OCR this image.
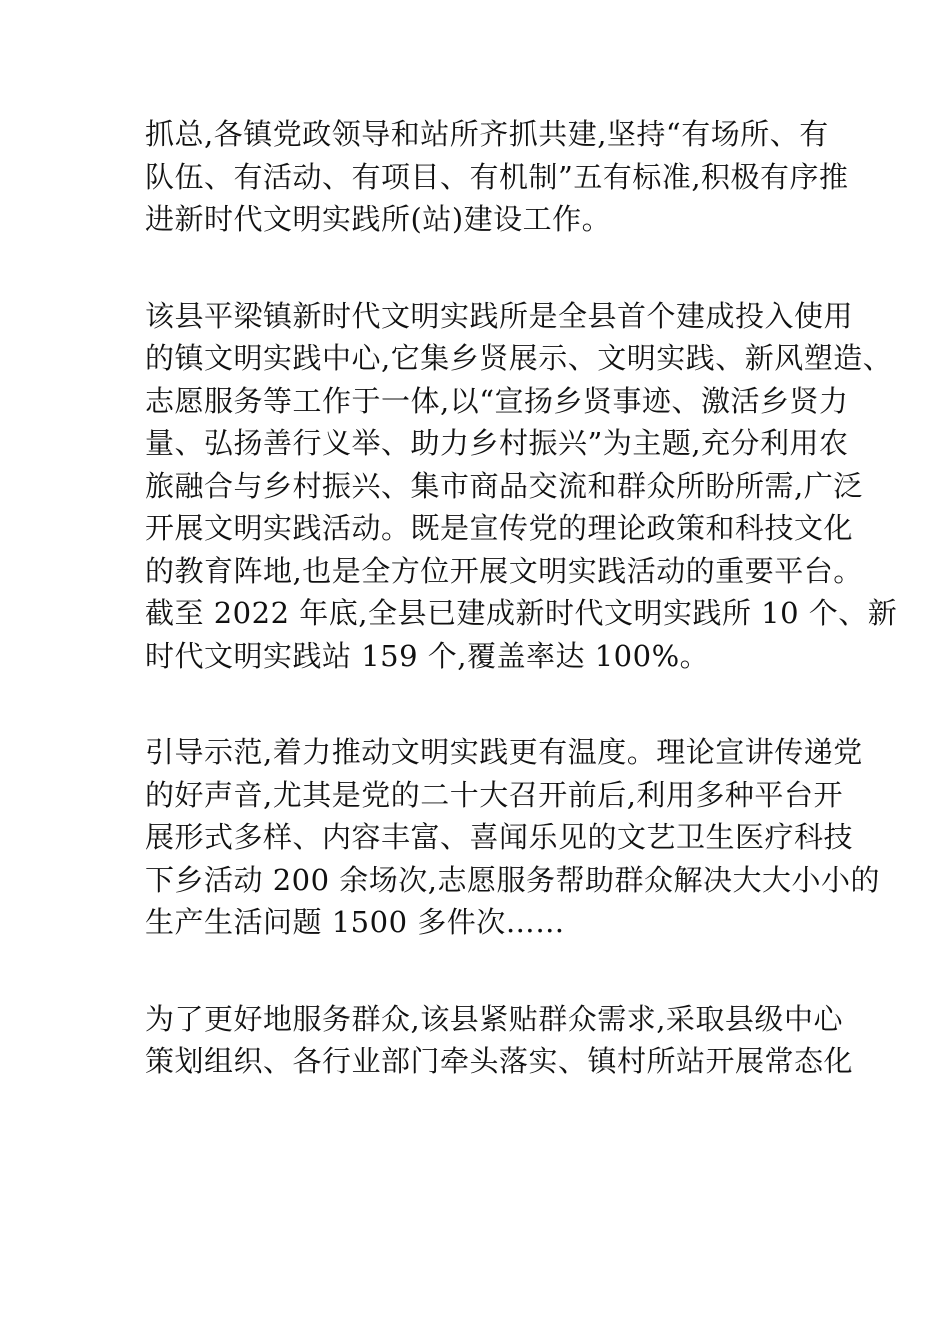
抓总,各镇党政领导和站所齐抓共建,坚持“有场所、有
队伍、有活动、有项目、有机制”五有标准,积极有序推
进新时代文明实践所(站)建设工作。

该县平梁镇新时代文明实践所是全县首个建成投入使用
的镇文明实践中心,它集乡贤展示、文明实践、新风塑造、
志愿服务等工作于一体,以“宣扬乡贤事迹、激活乡贤力
量、弘扬善行义举、助力乡村振兴”为主题,充分利用农
旅融合与乡村振兴、集市商品交流和群众所盼所需,广泛
开展文明实践活动。既是宣传党的理论政策和科技文化
的教育阵地,也是全方位开展文明实践活动的重要平台。
截至 2022 年底,全县已建成新时代文明实践所 10 个、新
时代文明实践站 159 个,覆盖率达 100%。

引导示范,着力推动文明实践更有温度。理论宣讲传递党
的好声音,尤其是党的二十大召开前后,利用多种平台开
展形式多样、内容丰富、喜闻乐见的文艺卫生医疗科技
下乡活动 200 余场次,志愿服务帮助群众解决大大小小的
生产生活问题 1500 多件次……

为了更好地服务群众,该县紧贴群众需求,采取县级中心
策划组织、各行业部门牵头落实、镇村所站开展常态化
